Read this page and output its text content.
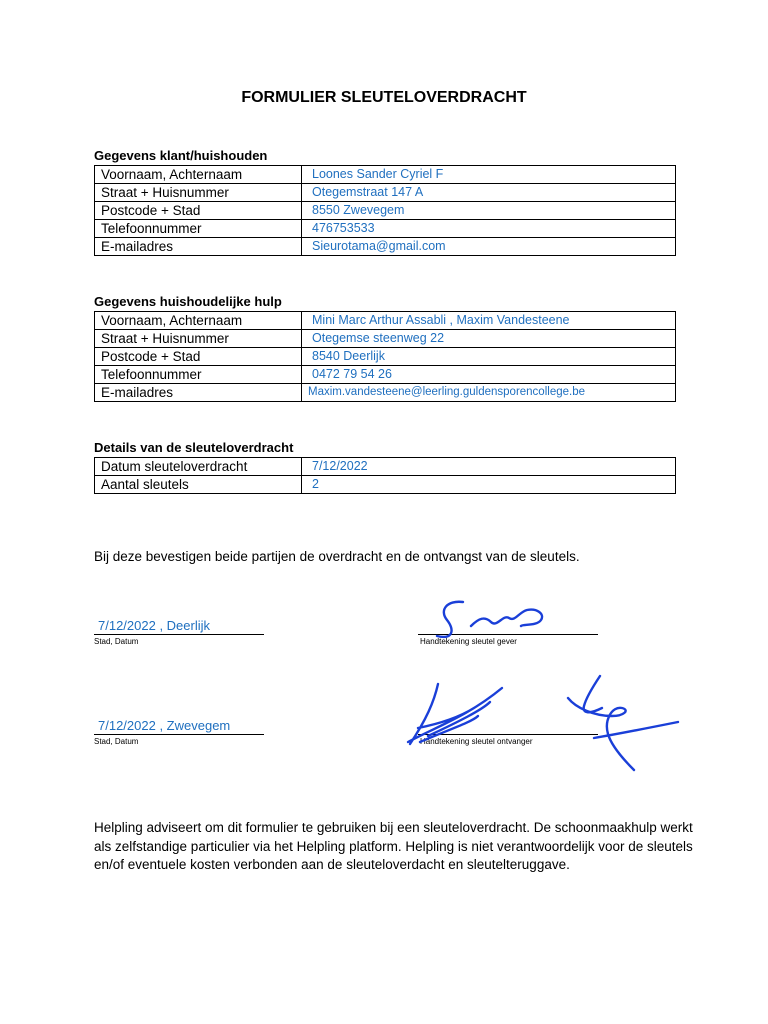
FORMULIER SLEUTELOVERDRACHT
Gegevens klant/huishouden
Voornaam, Achternaam	Loones Sander Cyriel F
Straat + Huisnummer	Otegemstraat 147 A
Postcode + Stad	8550 Zwevegem
Telefoonnummer	476753533
E-mailadres	Sieurotama@gmail.com
Gegevens huishoudelijke hulp
Voornaam, Achternaam	Mini Marc Arthur Assabli , Maxim Vandesteene
Straat + Huisnummer	Otegemse steenweg 22
Postcode + Stad	8540 Deerlijk
Telefoonnummer	0472 79 54 26
E-mailadres	Maxim.vandesteene@leerling.guldensporencollege.be
Details van de sleuteloverdracht
Datum sleuteloverdracht	7/12/2022
Aantal sleutels	2
Bij deze bevestigen beide partijen de overdracht en de ontvangst van de sleutels.
7/12/2022 , Deerlijk
Stad, Datum	Handtekening sleutel gever
7/12/2022 , Zwevegem
Stad, Datum	Handtekening sleutel ontvanger
Helpling adviseert om dit formulier te gebruiken bij een sleuteloverdracht. De schoonmaakhulp werkt als zelfstandige particulier via het Helpling platform. Helpling is niet verantwoordelijk voor de sleutels en/of eventuele kosten verbonden aan de sleuteloverdacht en sleutelteruggave.
